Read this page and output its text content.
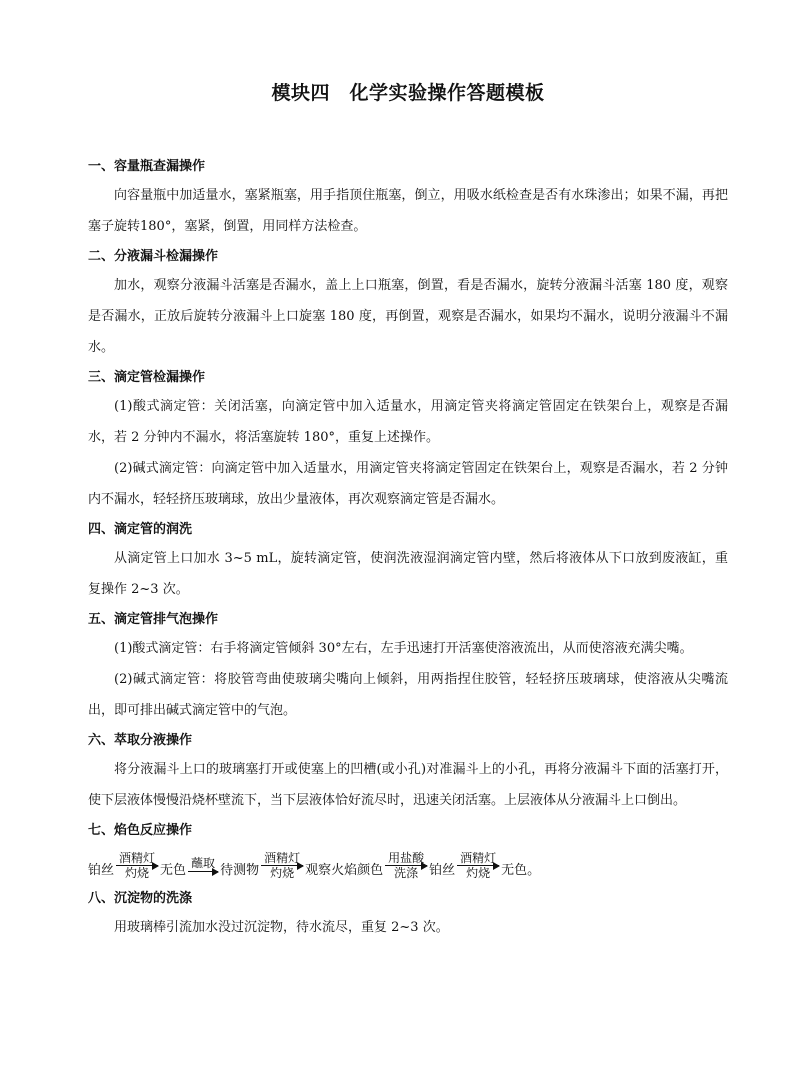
模块四　化学实验操作答题模板

一、容量瓶查漏操作

向容量瓶中加适量水，塞紧瓶塞，用手指顶住瓶塞，倒立，用吸水纸检查是否有水珠渗出；如果不漏，再把塞子旋转180°，塞紧，倒置，用同样方法检查。

二、分液漏斗检漏操作

加水，观察分液漏斗活塞是否漏水，盖上上口瓶塞，倒置，看是否漏水，旋转分液漏斗活塞 180 度，观察是否漏水，正放后旋转分液漏斗上口旋塞 180 度，再倒置，观察是否漏水，如果均不漏水，说明分液漏斗不漏水。

三、滴定管检漏操作

(1)酸式滴定管：关闭活塞，向滴定管中加入适量水，用滴定管夹将滴定管固定在铁架台上，观察是否漏水，若 2 分钟内不漏水，将活塞旋转 180°，重复上述操作。

(2)碱式滴定管：向滴定管中加入适量水，用滴定管夹将滴定管固定在铁架台上，观察是否漏水，若 2 分钟内不漏水，轻轻挤压玻璃球，放出少量液体，再次观察滴定管是否漏水。

四、滴定管的润洗

从滴定管上口加水 3~5 mL，旋转滴定管，使润洗液湿润滴定管内壁，然后将液体从下口放到废液缸，重复操作 2~3 次。

五、滴定管排气泡操作

(1)酸式滴定管：右手将滴定管倾斜 30°左右，左手迅速打开活塞使溶液流出，从而使溶液充满尖嘴。

(2)碱式滴定管：将胶管弯曲使玻璃尖嘴向上倾斜，用两指捏住胶管，轻轻挤压玻璃球，使溶液从尖嘴流出，即可排出碱式滴定管中的气泡。

六、萃取分液操作

将分液漏斗上口的玻璃塞打开或使塞上的凹槽(或小孔)对准漏斗上的小孔，再将分液漏斗下面的活塞打开，使下层液体慢慢沿烧杯壁流下，当下层液体恰好流尽时，迅速关闭活塞。上层液体从分液漏斗上口倒出。

七、焰色反应操作

铂丝
酒精灯
灼烧 无色 蘸取 待测物
酒精灯
灼烧 观察火焰颜色
用盐酸
洗涤 铂丝
酒精灯
灼烧 无色。

八、沉淀物的洗涤

用玻璃棒引流加水没过沉淀物，待水流尽，重复 2~3 次。
